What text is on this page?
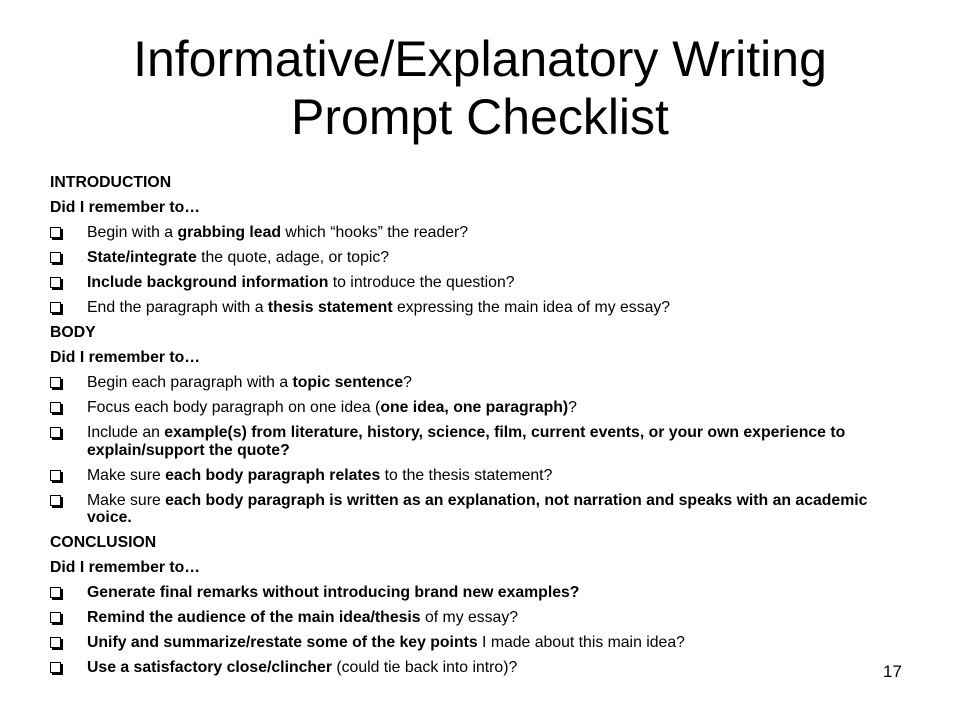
Informative/Explanatory Writing
Prompt Checklist
INTRODUCTION
Did I remember to…
Begin with a grabbing lead which “hooks” the reader?
State/integrate the quote, adage, or topic?
Include background information to introduce the question?
End the paragraph with a thesis statement expressing the main idea of my essay?
BODY
Did I remember to…
Begin each paragraph with a topic sentence?
Focus each body paragraph on one idea (one idea, one paragraph)?
Include an example(s) from literature, history, science, film, current events, or your own experience to explain/support the quote?
Make sure each body paragraph relates to the thesis statement?
Make sure each body paragraph is written as an explanation, not narration and speaks with an academic voice.
CONCLUSION
Did I remember to…
Generate final remarks without introducing brand new examples?
Remind the audience of the main idea/thesis of my essay?
Unify and summarize/restate some of the key points I made about this main idea?
Use a satisfactory close/clincher (could tie back into intro)?	17
